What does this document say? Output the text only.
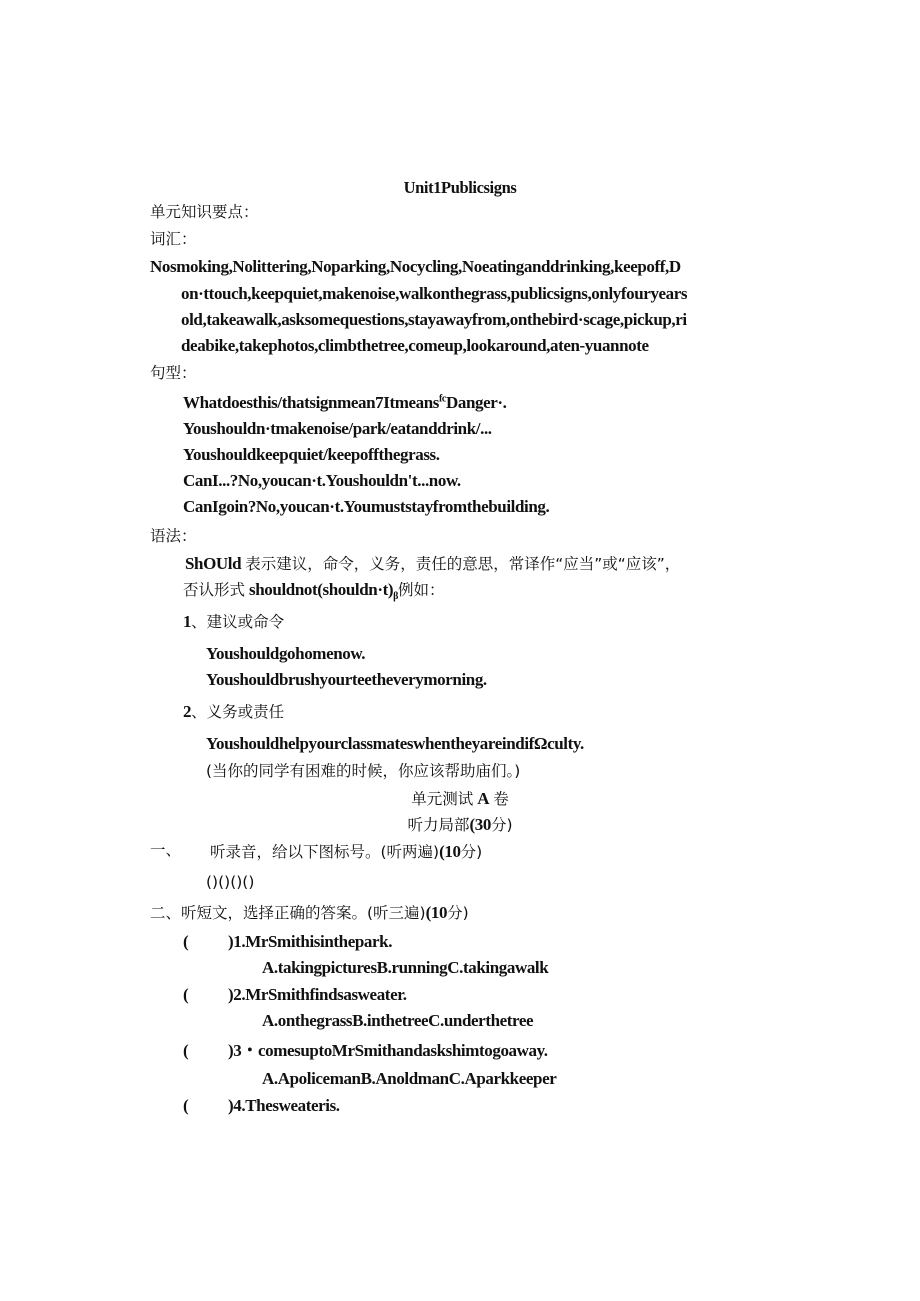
Unit1Publicsigns
单元知识要点：
词汇：
Nosmoking,Nolittering,Noparking,Nocycling,Noeatinganddrinking,keepoff,D
on·ttouch,keepquiet,makenoise,walkonthegrass,publicsigns,onlyfouryears
old,takeawalk,asksomequestions,stayawayfrom,onthebird·scage,pickup,ri
deabike,takephotos,climbthetree,comeup,lookaround,aten-yuannote
句型：
Whatdoesthis/thatsignmean7Itmeans$^{fc}$Danger·.
Youshouldn·tmakenoise/park/eatanddrink/...
Youshouldkeepquiet/keepoffthegrass.
CanI...?No,youcan·t.Youshouldn't...now.
CanIgoin?No,youcan·t.Youmuststayfromthebuilding.
语法：
ShOUld 表示建议，命令，义务，责任的意思，常译作“应当”或“应该”，
否认形式 $shouldnot(shouldn\cdot t)_\beta$例如：
1、建议或命令
Youshouldgohomenow.
Youshouldbrushyourteetheverymorning.
2、义务或责任
YoushouldhelpyourclassmateswhentheyareindifΩculty.
(当你的同学有困难的时候，你应该帮助庙们。)
单元测试 A 卷
听力局部(30分)
一、 听录音，给以下图标号。(听两遍)(10分)
()()()()
二、听短文，选择正确的答案。(听三遍)(10分)
( )1.MrSmithisinthepark.
A.takingpicturesB.runningC.takingawalk
( )2.MrSmithfindsasweater.
A.onthegrassB.inthetreeC.underthetree
( )3・comesuptoMrSmithandaskshimtogoaway.
A.ApolicemanB.AnoldmanC.Aparkkeeper
( )4.Thesweateris.
